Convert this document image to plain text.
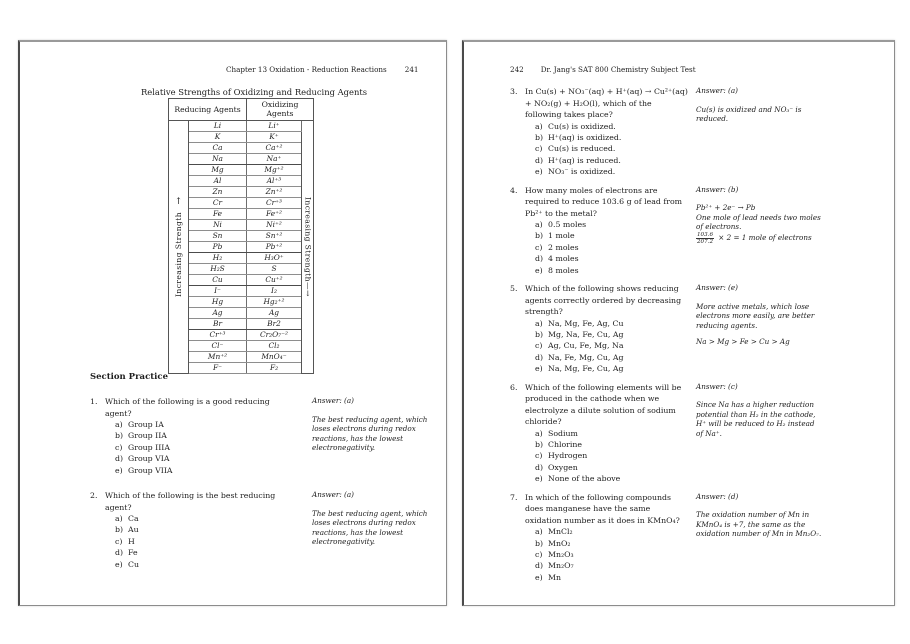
Chapter 13 Oxidation - Reduction Reactions	241
Relative Strengths of Oxidizing and Reducing Agents
Reducing Agents		Oxidizing Agents	

↑
Increasing Strength	Li	Li⁺	Increasing Strength—→

	K	K⁺	
	Ca	Ca⁺²	
	Na	Na⁺	
	Mg	Mg⁺²	
	Al	Al⁺³	
	Zn	Zn⁺²	
	Cr	Cr⁺³	
	Fe	Fe⁺²	
	Ni	Ni⁺²	
	Sn	Sn⁺²	
	Pb	Pb⁺²	
	H₂	H₃O⁺	
	H₂S	S	
	Cu	Cu⁺²	
	I⁻	I₂	
	Hg	Hg₂⁺²	
	Ag	Ag	
	Br	Br2	
	Cr⁺³	Cr₂O₇⁻²	
	Cl⁻	Cl₂	
	Mn⁺²	MnO₄⁻	
	F⁻	F₂	
Section Practice
1. Which of the following is a good reducing agent?
a) Group IA
b) Group IIA
c) Group IIIA
d) Group VIA
e) Group VIIA
Answer: (a)
The best reducing agent, which loses electrons during redox reactions, has the lowest electronegativity.
2. Which of the following is the best reducing agent?
a) Ca
b) Au
c) H
d) Fe
e) Cu
Answer: (a)
The best reducing agent, which loses electrons during redox reactions, has the lowest electronegativity.
242 Dr. Jang's SAT 800 Chemistry Subject Test
3. In Cu(s) + NO₃⁻(aq) + H⁺(aq) → Cu²⁺(aq) + NO₂(g) + H₂O(l), which of the following takes place?
a) Cu(s) is oxidized.
b) H⁺(aq) is oxidized.
c) Cu(s) is reduced.
d) H⁺(aq) is reduced.
e) NO₃⁻ is oxidized.
Answer: (a)
Cu(s) is oxidized and NO₃⁻ is reduced.
4. How many moles of electrons are required to reduce 103.6 g of lead from Pb²⁺ to the metal?
a) 0.5 moles
b) 1 mole
c) 2 moles
d) 4 moles
e) 8 moles
Answer: (b)
Pb²⁺ + 2e⁻ → Pb
One mole of lead needs two moles of electrons.
$\frac{103.6}{207.2} \times 2 = 1$ mole of electrons
5. Which of the following shows reducing agents correctly ordered by decreasing strength?
a) Na, Mg, Fe, Ag, Cu
b) Mg, Na, Fe, Cu, Ag
c) Ag, Cu, Fe, Mg, Na
d) Na, Fe, Mg, Cu, Ag
e) Na, Mg, Fe, Cu, Ag
Answer: (e)
More active metals, which lose electrons more easily, are better reducing agents.
Na > Mg > Fe > Cu > Ag
6. Which of the following elements will be produced in the cathode when we electrolyze a dilute solution of sodium chloride?
a) Sodium
b) Chlorine
c) Hydrogen
d) Oxygen
e) None of the above
Answer: (c)
Since Na has a higher reduction potential than H₂ in the cathode, H⁺ will be reduced to H₂ instead of Na⁺.
7. In which of the following compounds does manganese have the same oxidation number as it does in KMnO₄?
a) MnCl₂
b) MnO₂
c) Mn₂O₃
d) Mn₂O₇
e) Mn
Answer: (d)
The oxidation number of Mn in KMnO₄ is +7, the same as the oxidation number of Mn in Mn₂O₇.
